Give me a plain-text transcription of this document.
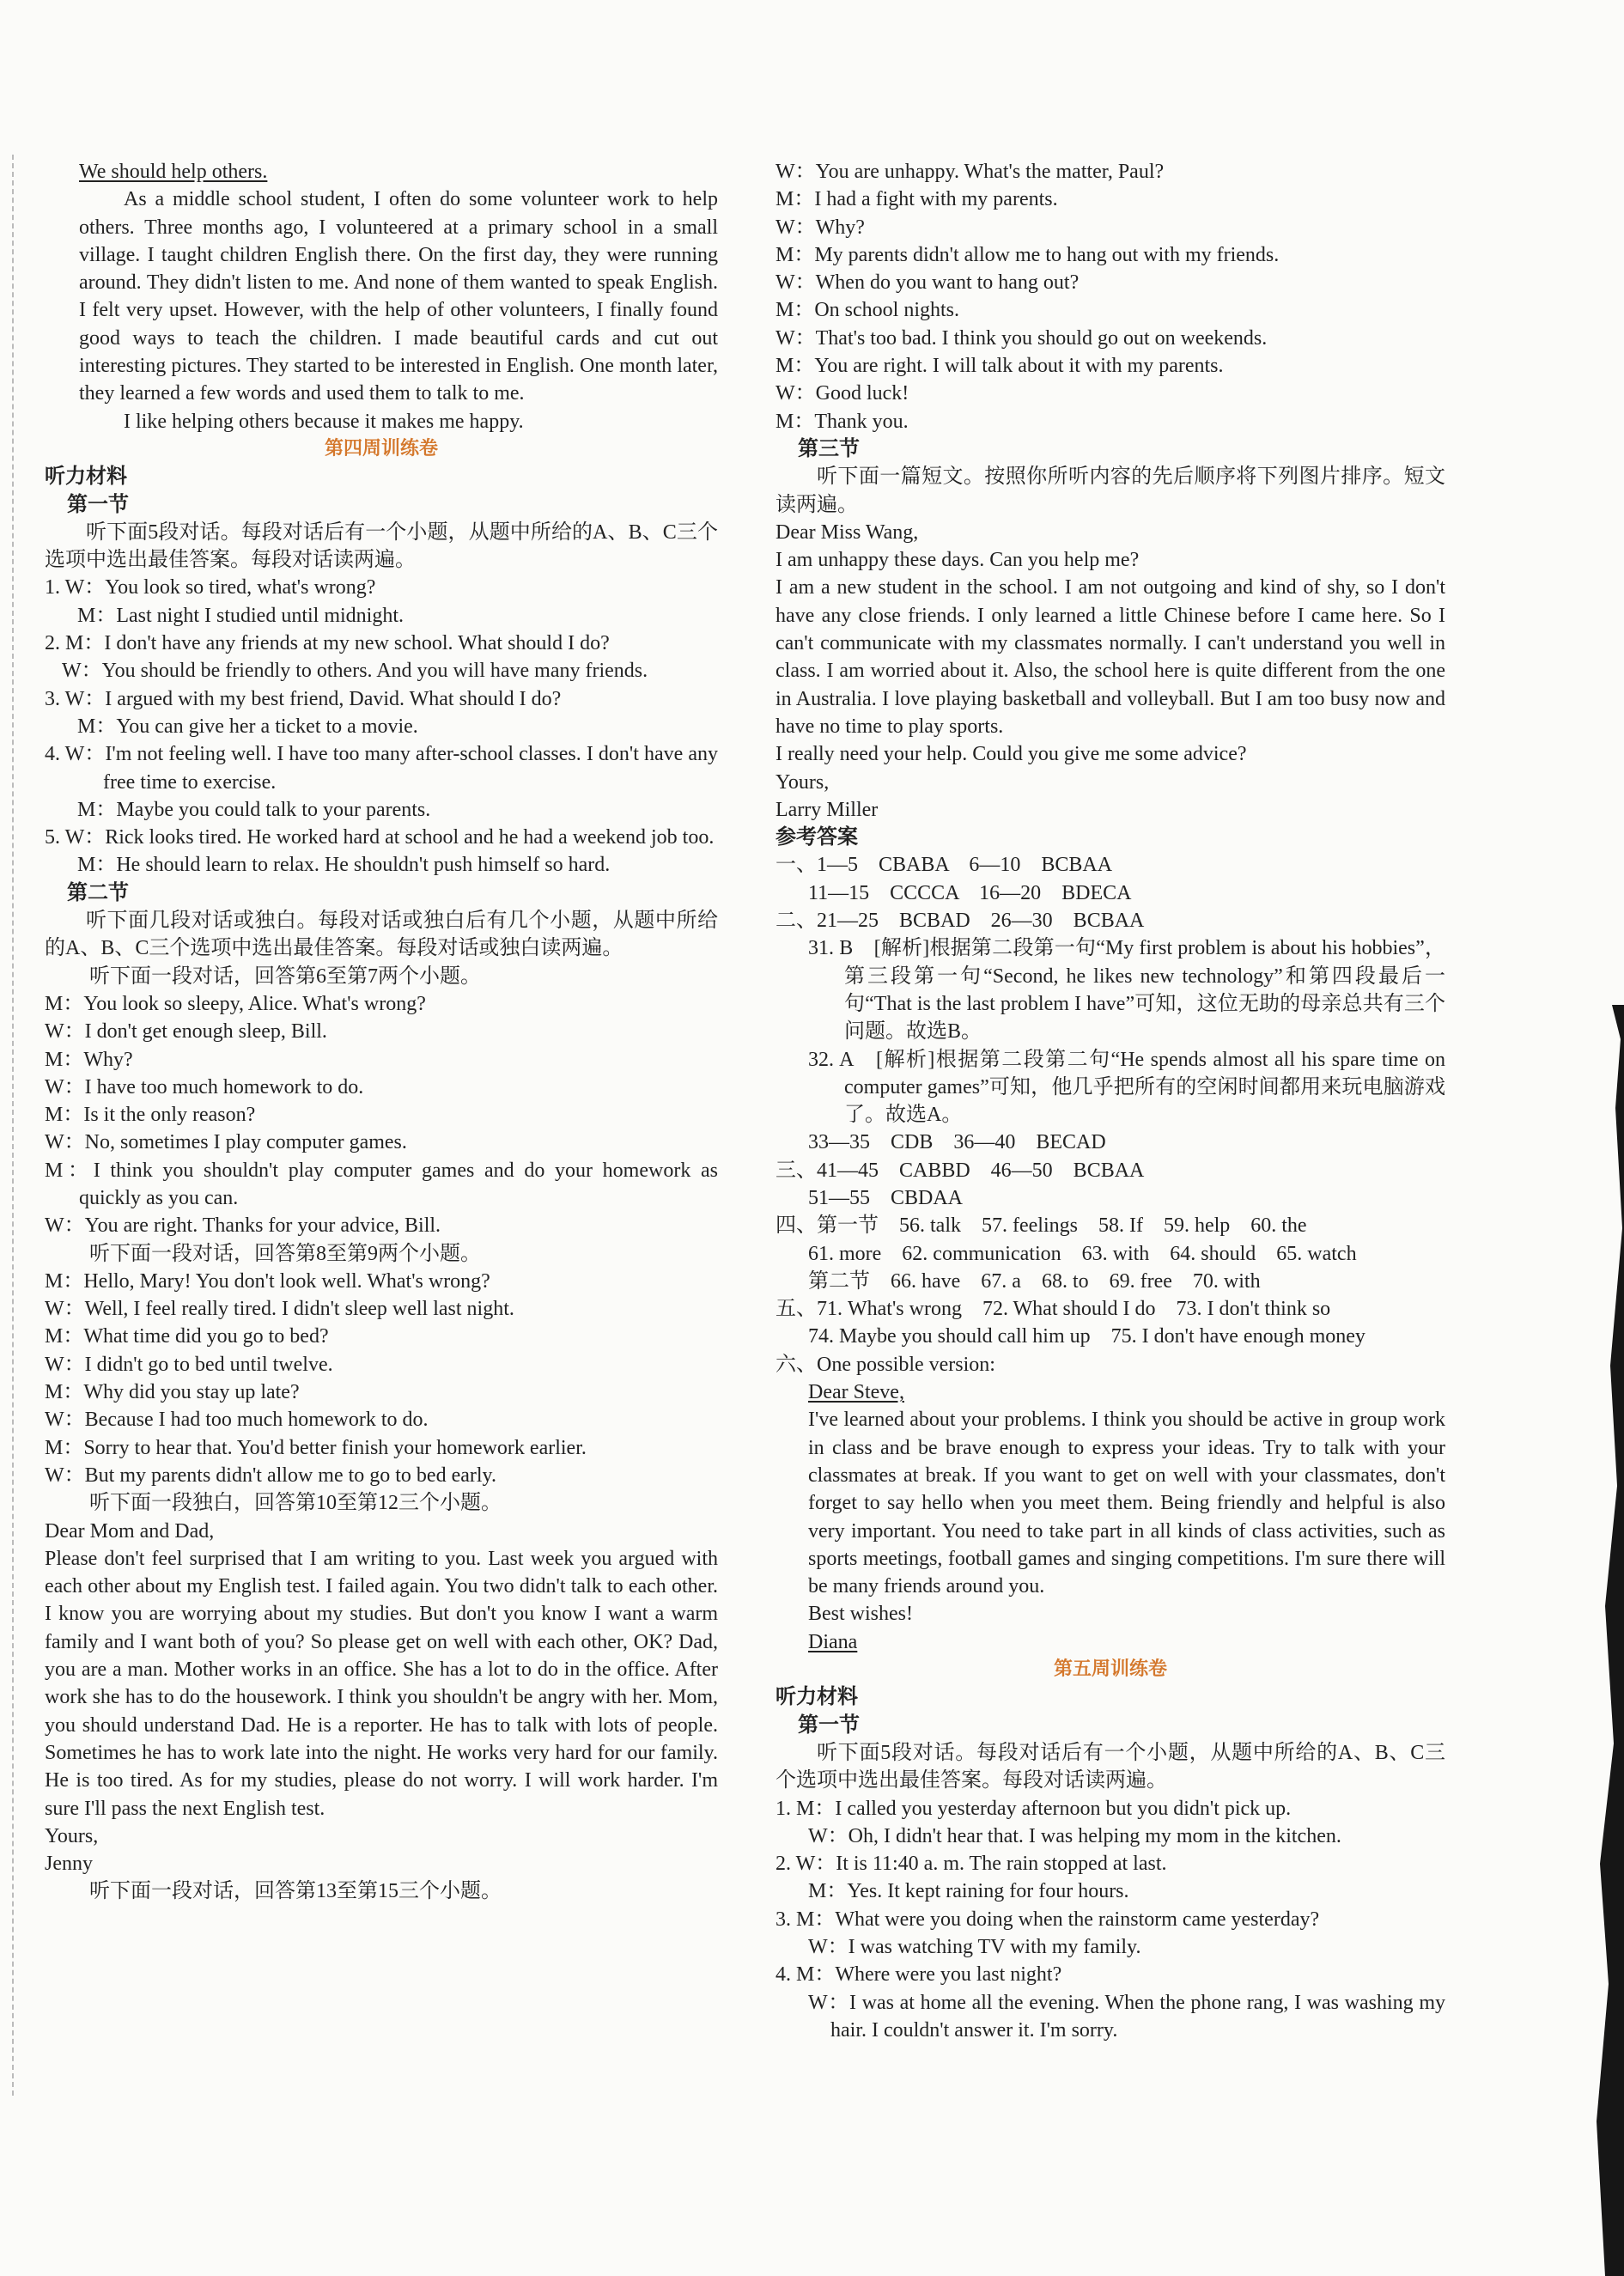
We should help others.

As a middle school student, I often do some volunteer work to help others. Three months ago, I volunteered at a primary school in a small village. I taught children English there. On the first day, they were running around. They didn't listen to me. And none of them wanted to speak English. I felt very upset. However, with the help of other volunteers, I finally found good ways to teach the children. I made beautiful cards and cut out interesting pictures. They started to be interested in English. One month later, they learned a few words and used them to talk to me.

I like helping others because it makes me happy.

第四周训练卷

听力材料

第一节

听下面5段对话。每段对话后有一个小题，从题中所给的A、B、C三个选项中选出最佳答案。每段对话读两遍。

1. W：You look so tired, what's wrong?

M：Last night I studied until midnight.

2. M：I don't have any friends at my new school. What should I do?

W：You should be friendly to others. And you will have many friends.

3. W：I argued with my best friend, David. What should I do?

M：You can give her a ticket to a movie.

4. W：I'm not feeling well. I have too many after-school classes. I don't have any free time to exercise.

M：Maybe you could talk to your parents.

5. W：Rick looks tired. He worked hard at school and he had a weekend job too.

M：He should learn to relax. He shouldn't push himself so hard.

第二节

听下面几段对话或独白。每段对话或独白后有几个小题，从题中所给的A、B、C三个选项中选出最佳答案。每段对话或独白读两遍。

听下面一段对话，回答第6至第7两个小题。

M：You look so sleepy, Alice. What's wrong?

W：I don't get enough sleep, Bill.

M：Why?

W：I have too much homework to do.

M：Is it the only reason?

W：No, sometimes I play computer games.

M：I think you shouldn't play computer games and do your homework as quickly as you can.

W：You are right. Thanks for your advice, Bill.

听下面一段对话，回答第8至第9两个小题。

M：Hello, Mary! You don't look well. What's wrong?

W：Well, I feel really tired. I didn't sleep well last night.

M：What time did you go to bed?

W：I didn't go to bed until twelve.

M：Why did you stay up late?

W：Because I had too much homework to do.

M：Sorry to hear that. You'd better finish your homework earlier.

W：But my parents didn't allow me to go to bed early.

听下面一段独白，回答第10至第12三个小题。

Dear Mom and Dad,

Please don't feel surprised that I am writing to you. Last week you argued with each other about my English test. I failed again. You two didn't talk to each other. I know you are worrying about my studies. But don't you know I want a warm family and I want both of you? So please get on well with each other, OK? Dad, you are a man. Mother works in an office. She has a lot to do in the office. After work she has to do the housework. I think you shouldn't be angry with her. Mom, you should understand Dad. He is a reporter. He has to talk with lots of people. Sometimes he has to work late into the night. He works very hard for our family. He is too tired. As for my studies, please do not worry. I will work harder. I'm sure I'll pass the next English test.

Yours,

Jenny

听下面一段对话，回答第13至第15三个小题。

W：You are unhappy. What's the matter, Paul?

M：I had a fight with my parents.

W：Why?

M：My parents didn't allow me to hang out with my friends.

W：When do you want to hang out?

M：On school nights.

W：That's too bad. I think you should go out on weekends.

M：You are right. I will talk about it with my parents.

W：Good luck!

M：Thank you.

第三节

听下面一篇短文。按照你所听内容的先后顺序将下列图片排序。短文读两遍。

Dear Miss Wang,

I am unhappy these days. Can you help me?

I am a new student in the school. I am not outgoing and kind of shy, so I don't have any close friends. I only learned a little Chinese before I came here. So I can't communicate with my classmates normally. I can't understand you well in class. I am worried about it. Also, the school here is quite different from the one in Australia. I love playing basketball and volleyball. But I am too busy now and have no time to play sports.

I really need your help. Could you give me some advice?

Yours,

Larry Miller

参考答案

一、1—5　CBABA　6—10　BCBAA

11—15　CCCCA　16—20　BDECA

二、21—25　BCBAD　26—30　BCBAA

31. B　[解析]根据第二段第一句“My first problem is about his hobbies”，第三段第一句“Second, he likes new technology”和第四段最后一句“That is the last problem I have”可知，这位无助的母亲总共有三个问题。故选B。

32. A　[解析]根据第二段第二句“He spends almost all his spare time on computer games”可知，他几乎把所有的空闲时间都用来玩电脑游戏了。故选A。

33—35　CDB　36—40　BECAD

三、41—45　CABBD　46—50　BCBAA

51—55　CBDAA

四、第一节　56. talk　57. feelings　58. If　59. help　60. the

61. more　62. communication　63. with　64. should　65. watch

第二节　66. have　67. a　68. to　69. free　70. with

五、71. What's wrong　72. What should I do　73. I don't think so

74. Maybe you should call him up　75. I don't have enough money

六、One possible version:

Dear Steve,

I've learned about your problems. I think you should be active in group work in class and be brave enough to express your ideas. Try to talk with your classmates at break. If you want to get on well with your classmates, don't forget to say hello when you meet them. Being friendly and helpful is also very important. You need to take part in all kinds of class activities, such as sports meetings, football games and singing competitions. I'm sure there will be many friends around you.

Best wishes!

Diana

第五周训练卷

听力材料

第一节

听下面5段对话。每段对话后有一个小题，从题中所给的A、B、C三个选项中选出最佳答案。每段对话读两遍。

1. M：I called you yesterday afternoon but you didn't pick up.

W：Oh, I didn't hear that. I was helping my mom in the kitchen.

2. W：It is 11:40 a. m. The rain stopped at last.

M：Yes. It kept raining for four hours.

3. M：What were you doing when the rainstorm came yesterday?

W：I was watching TV with my family.

4. M：Where were you last night?

W：I was at home all the evening. When the phone rang, I was washing my hair. I couldn't answer it. I'm sorry.
